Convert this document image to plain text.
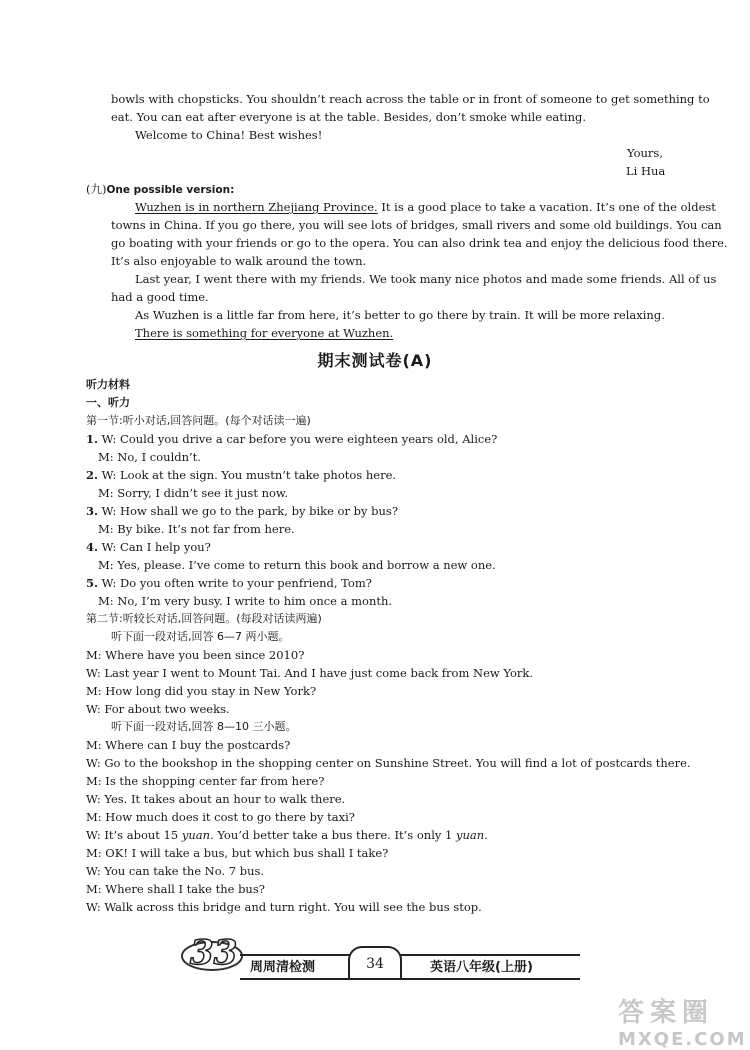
bowls with chopsticks. You shouldn’t reach across the table or in front of someone to get something to
eat. You can eat after everyone is at the table. Besides, don’t smoke while eating.
Welcome to China! Best wishes!
Yours,
Li Hua
(九)One possible version:
Wuzhen is in northern Zhejiang Province. It is a good place to take a vacation. It’s one of the oldest
towns in China. If you go there, you will see lots of bridges, small rivers and some old buildings. You can
go boating with your friends or go to the opera. You can also drink tea and enjoy the delicious food there.
It’s also enjoyable to walk around the town.
Last year, I went there with my friends. We took many nice photos and made some friends. All of us
had a good time.
As Wuzhen is a little far from here, it’s better to go there by train. It will be more relaxing.
There is something for everyone at Wuzhen.
期末测试卷(A)
听力材料
一、听力
第一节:听小对话,回答问题。(每个对话读一遍)
1. W: Could you drive a car before you were eighteen years old, Alice?
M: No, I couldn’t.
2. W: Look at the sign. You mustn’t take photos here.
M: Sorry, I didn’t see it just now.
3. W: How shall we go to the park, by bike or by bus?
M: By bike. It’s not far from here.
4. W: Can I help you?
M: Yes, please. I’ve come to return this book and borrow a new one.
5. W: Do you often write to your penfriend, Tom?
M: No, I’m very busy. I write to him once a month.
第二节:听较长对话,回答问题。(每段对话读两遍)
听下面一段对话,回答 6—7 两小题。
M: Where have you been since 2010?
W: Last year I went to Mount Tai. And I have just come back from New York.
M: How long did you stay in New York?
W: For about two weeks.
听下面一段对话,回答 8—10 三小题。
M: Where can I buy the postcards?
W: Go to the bookshop in the shopping center on Sunshine Street. You will find a lot of postcards there.
M: Is the shopping center far from here?
W: Yes. It takes about an hour to walk there.
M: How much does it cost to go there by taxi?
W: It’s about 15 yuan. You’d better take a bus there. It’s only 1 yuan.
M: OK! I will take a bus, but which bus shall I take?
W: You can take the No. 7 bus.
M: Where shall I take the bus?
W: Walk across this bridge and turn right. You will see the bus stop.
33 周周清检测	34	英语八年级(上册)
答案圈
MXQE.COM
